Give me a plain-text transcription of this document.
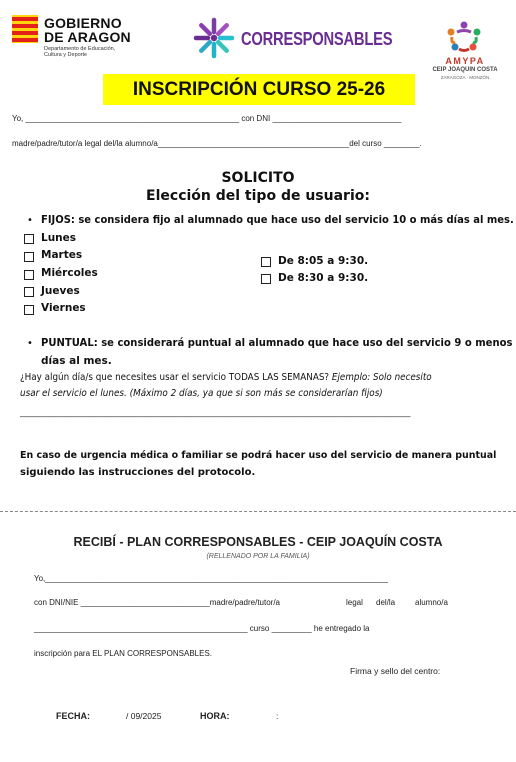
GOBIERNO
DE ARAGON
Departamento de Educación, Cultura y Deporte
CORRESPONSABLES
AMYPA
CEIP JOAQUIN COSTA
ZARAGOZA · MONZÓN
INSCRIPCIÓN CURSO 25-26
Yo, ________________________________________________ con DNI _____________________________
madre/padre/tutor/a legal del/la alumno/a___________________________________________del curso ________.
SOLICITO
Elección del tipo de usuario:
• FIJOS: se considera fijo al alumnado que hace uso del servicio 10 o más días al mes.
Lunes
Martes
Miércoles
Jueves
Viernes
De 8:05 a 9:30.
De 8:30 a 9:30.
• PUNTUAL: se considerará puntual al alumnado que hace uso del servicio 9 o menos
días al mes.
¿Hay algún día/s que necesites usar el servicio TODAS LAS SEMANAS? Ejemplo: Solo necesito
usar el servicio el lunes. (Máximo 2 días, ya que si son más se considerarían fijos)
______________________________________________________________________________
En caso de urgencia médica o familiar se podrá hacer uso del servicio de manera puntual
siguiendo las instrucciones del protocolo.
RECIBÍ - PLAN CORRESPONSABLES - CEIP JOAQUÍN COSTA
(RELLENADO POR LA FAMILIA)
Yo,_____________________________________________________________________________
con DNI/NIE _____________________________madre/padre/tutor/a	legal del/la alumno/a
________________________________________________ curso _________ he entregado la
inscripción para EL PLAN CORRESPONSABLES.
Firma y sello del centro:
FECHA:	/ 09/2025	HORA:	:
